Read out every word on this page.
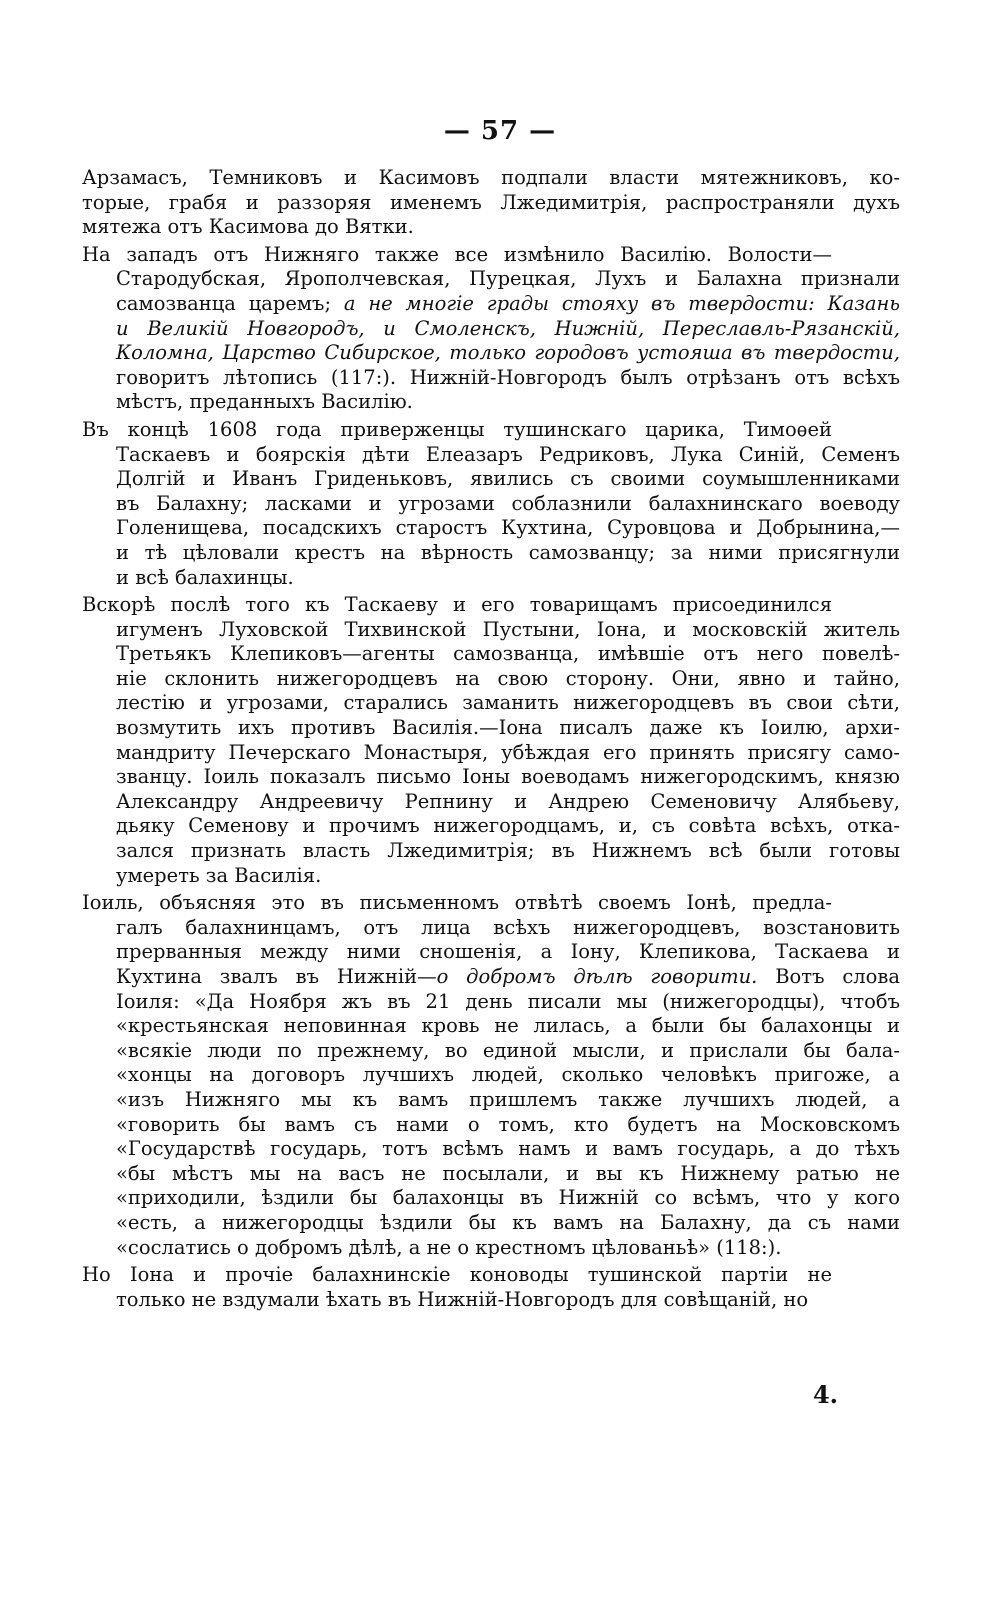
— 57 —
Арзамасъ, Темниковъ и Касимовъ подпали власти мятежниковъ, ко-
торые, грабя и раззоряя именемъ Лжедимитрія, распространяли духъ
мятежа отъ Касимова до Вятки.
На западъ отъ Нижняго также все измѣнило Василію. Волости—
Стародубская, Ярополчевская, Пурецкая, Лухъ и Балахна признали
самозванца царемъ; а не многіе грады стояху въ твердости: Казань
и Великій Новгородъ, и Смоленскъ, Нижній, Переславль-Рязанскій,
Коломна, Царство Сибирское, только городовъ устояша въ твердости,
говоритъ лѣтопись (117:). Нижній-Новгородъ былъ отрѣзанъ отъ всѣхъ
мѣстъ, преданныхъ Василію.
Въ концѣ 1608 года приверженцы тушинскаго царика, Тимоѳей
Таскаевъ и боярскія дѣти Елеазаръ Редриковъ, Лука Синій, Семенъ
Долгій и Иванъ Гриденьковъ, явились съ своими соумышленниками
въ Балахну; ласками и угрозами соблазнили балахнинскаго воеводу
Голенищева, посадскихъ старостъ Кухтина, Суровцова и Добрынина,—
и тѣ цѣловали крестъ на вѣрность самозванцу; за ними присягнули
и всѣ балахинцы.
Вскорѣ послѣ того къ Таскаеву и его товарищамъ присоединился
игуменъ Луховской Тихвинской Пустыни, Іона, и московскій житель
Третьякъ Клепиковъ—агенты самозванца, имѣвшіе отъ него повелѣ-
ніе склонить нижегородцевъ на свою сторону. Они, явно и тайно,
лестію и угрозами, старались заманить нижегородцевъ въ свои сѣти,
возмутить ихъ противъ Василія.—Іона писалъ даже къ Іоилю, архи-
мандриту Печерскаго Монастыря, убѣждая его принять присягу само-
званцу. Іоиль показалъ письмо Іоны воеводамъ нижегородскимъ, князю
Александру Андреевичу Репнину и Андрею Семеновичу Алябьеву,
дьяку Семенову и прочимъ нижегородцамъ, и, съ совѣта всѣхъ, отка-
зался признать власть Лжедимитрія; въ Нижнемъ всѣ были готовы
умереть за Василія.
Іоиль, объясняя это въ письменномъ отвѣтѣ своемъ Іонѣ, предла-
галъ балахнинцамъ, отъ лица всѣхъ нижегородцевъ, возстановить
прерванныя между ними сношенія, а Іону, Клепикова, Таскаева и
Кухтина звалъ въ Нижній—о добромъ дѣлѣ говорити. Вотъ слова
Іоиля: «Да Ноября жъ въ 21 день писали мы (нижегородцы), чтобъ
«крестьянская неповинная кровь не лилась, а были бы балахонцы и
«всякіе люди по прежнему, во единой мысли, и прислали бы бала-
«хонцы на договоръ лучшихъ людей, сколько человѣкъ пригоже, а
«изъ Нижняго мы къ вамъ пришлемъ также лучшихъ людей, а
«говорить бы вамъ съ нами о томъ, кто будетъ на Московскомъ
«Государствѣ государь, тотъ всѣмъ намъ и вамъ государь, а до тѣхъ
«бы мѣстъ мы на васъ не посылали, и вы къ Нижнему ратью не
«приходили, ѣздили бы балахонцы въ Нижній со всѣмъ, что у кого
«есть, а нижегородцы ѣздили бы къ вамъ на Балахну, да съ нами
«сослатись о добромъ дѣлѣ, а не о крестномъ цѣлованьѣ» (118:).
Но Іона и прочіе балахнинскіе коноводы тушинской партіи не
только не вздумали ѣхать въ Нижній-Новгородъ для совѣщаній, но
4.
